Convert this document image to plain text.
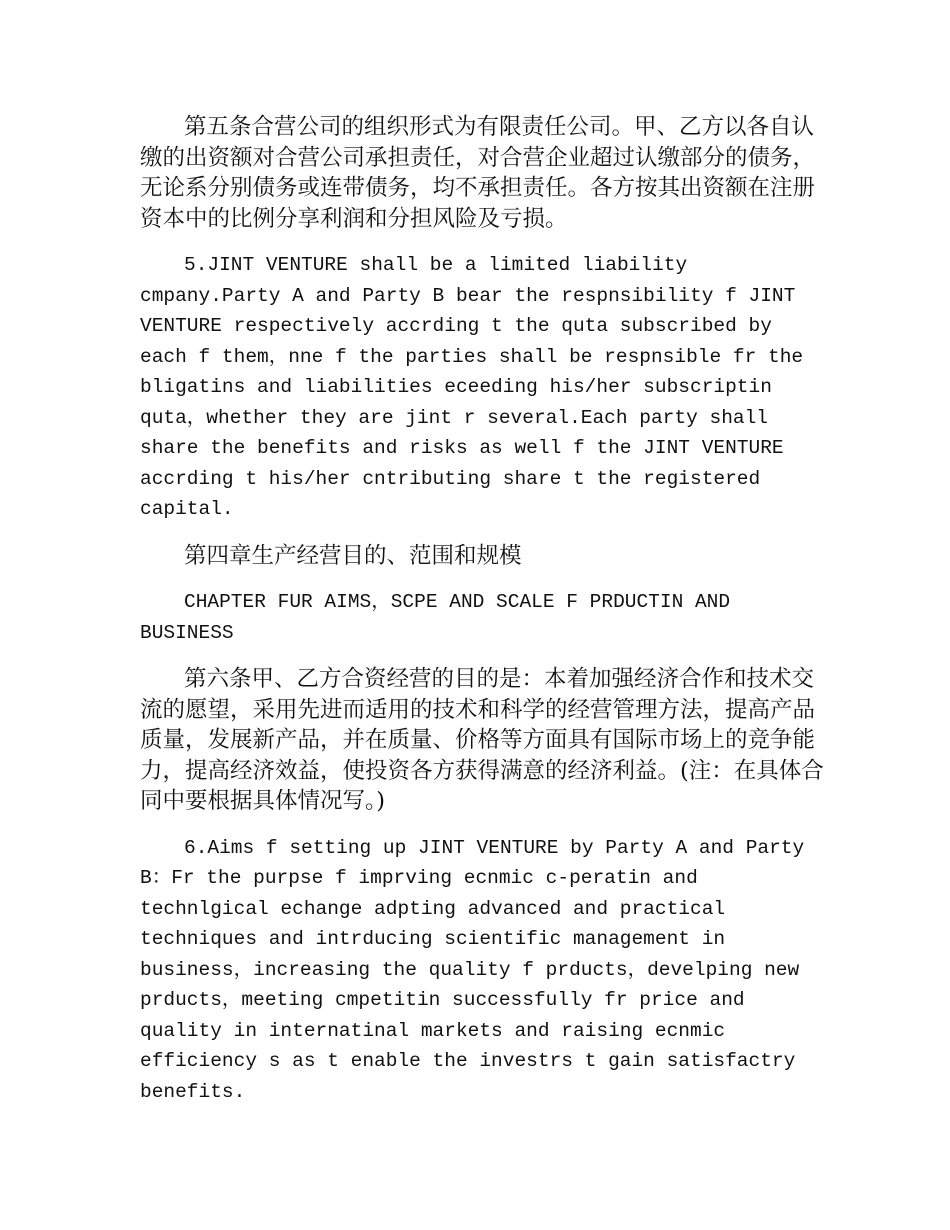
第五条合营公司的组织形式为有限责任公司。甲、乙方以各自认缴的出资额对合营公司承担责任，对合营企业超过认缴部分的债务，无论系分别债务或连带债务，均不承担责任。各方按其出资额在注册资本中的比例分享利润和分担风险及亏损。

5.JINT VENTURE shall be a limited liability cmpany.Party A and Party B bear the respnsibility f JINT VENTURE respectively accrding t the quta subscribed by each f them，nne f the parties shall be respnsible fr the bligatins and liabilities eceeding his/her subscriptin quta，whether they are jint r several.Each party shall share the benefits and risks as well f the JINT VENTURE accrding t his/her cntributing share t the registered capital.

第四章生产经营目的、范围和规模

CHAPTER FUR AIMS，SCPE AND SCALE F PRDUCTIN AND BUSINESS

第六条甲、乙方合资经营的目的是：本着加强经济合作和技术交流的愿望，采用先进而适用的技术和科学的经营管理方法，提高产品质量，发展新产品，并在质量、价格等方面具有国际市场上的竞争能力，提高经济效益，使投资各方获得满意的经济利益。(注：在具体合同中要根据具体情况写。)

6.Aims f setting up JINT VENTURE by Party A and Party B：Fr the purpse f imprving ecnmic c-peratin and technlgical echange adpting advanced and practical techniques and intrducing scientific management in business，increasing the quality f prducts，develping new prducts，meeting cmpetitin successfully fr price and quality in internatinal markets and raising ecnmic efficiency s as t enable the investrs t gain satisfactry benefits.
